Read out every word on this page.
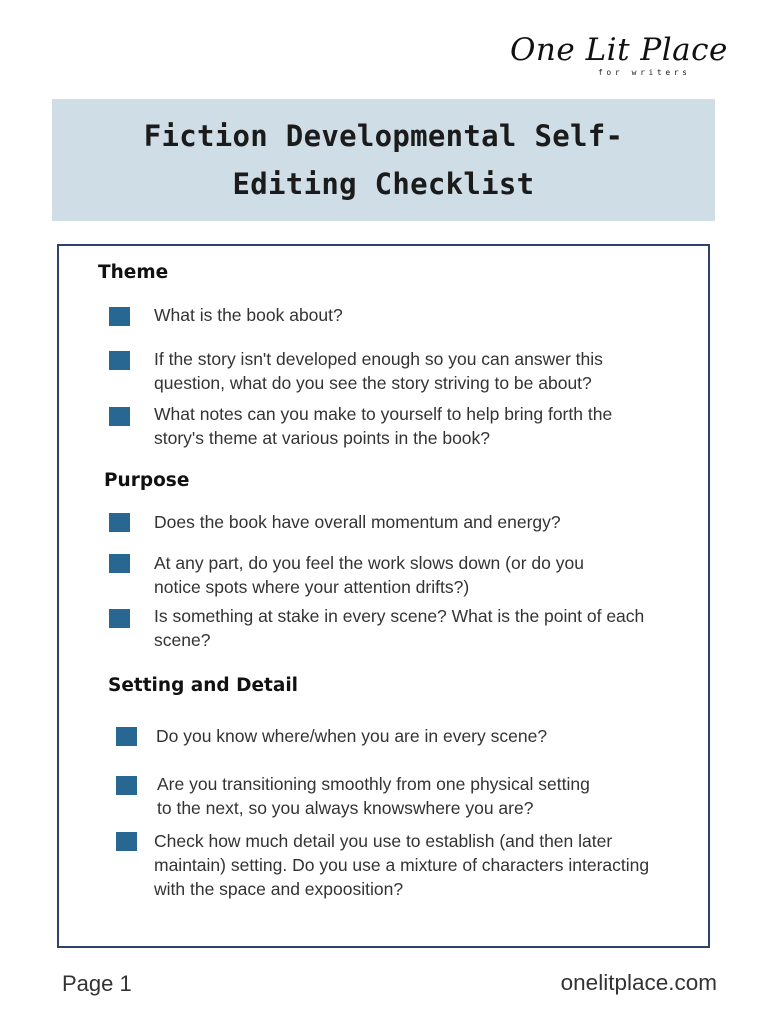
One Lit Place
for writers
Fiction Developmental Self-
Editing Checklist
Theme
What is the book about?
If the story isn't developed enough so you can answer this
question, what do you see the story striving to be about?
What notes can you make to yourself to help bring forth the
story's theme at various points in the book?
Purpose
Does the book have overall momentum and energy?
At any part, do you feel the work slows down (or do you
notice spots where your attention drifts?)
Is something at stake in every scene? What is the point of each
scene?
Setting and Detail
Do you know where/when you are in every scene?
Are you transitioning smoothly from one physical setting
to the next, so you always knowswhere you are?
Check how much detail you use to establish (and then later
maintain) setting. Do you use a mixture of characters interacting
with the space and expoosition?
Page 1	onelitplace.com
